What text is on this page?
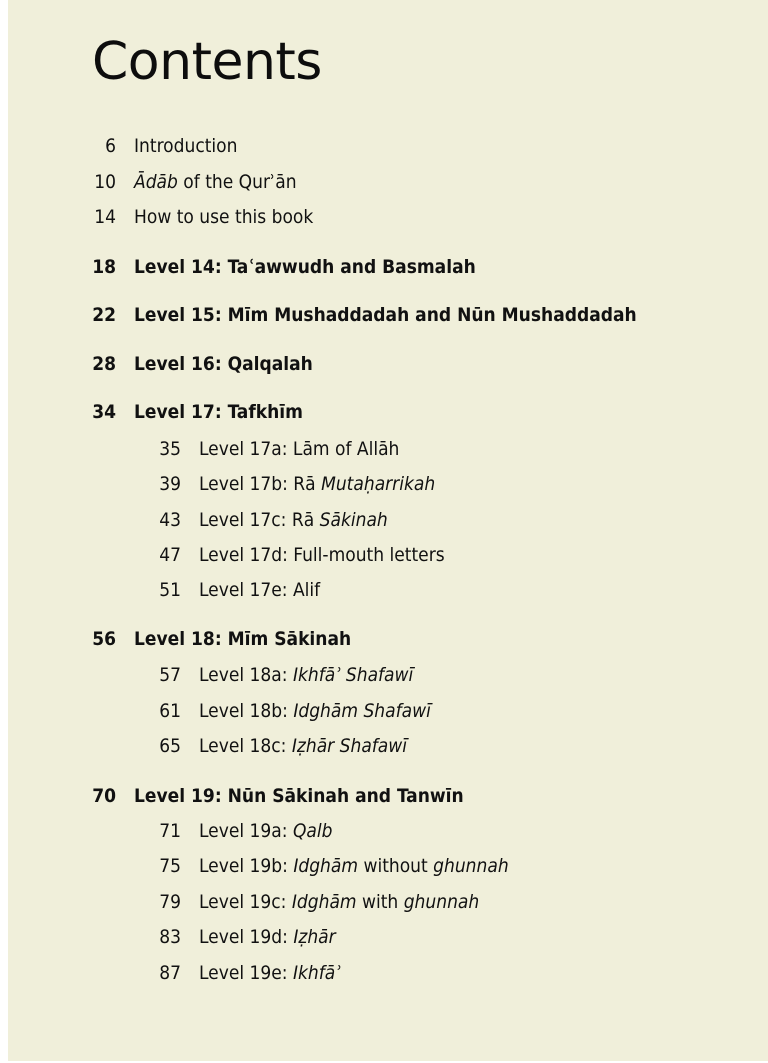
Contents
6 Introduction
10 Ādāb of the Qurʾān
14 How to use this book
18 Level 14: Taʿawwudh and Basmalah
22 Level 15: Mīm Mushaddadah and Nūn Mushaddadah
28 Level 16: Qalqalah
34 Level 17: Tafkhīm
35 Level 17a: Lām of Allāh
39 Level 17b: Rā Mutaḥarrikah
43 Level 17c: Rā Sākinah
47 Level 17d: Full-mouth letters
51 Level 17e: Alif
56 Level 18: Mīm Sākinah
57 Level 18a: Ikhfāʾ Shafawī
61 Level 18b: Idghām Shafawī
65 Level 18c: Iẓhār Shafawī
70 Level 19: Nūn Sākinah and Tanwīn
71 Level 19a: Qalb
75 Level 19b: Idghām without ghunnah
79 Level 19c: Idghām with ghunnah
83 Level 19d: Iẓhār
87 Level 19e: Ikhfāʾ
